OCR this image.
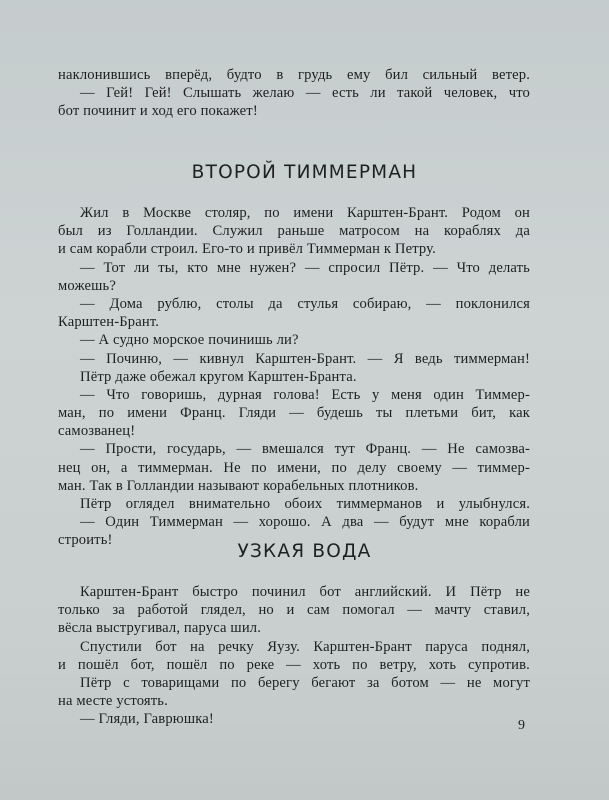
наклонившись вперёд, будто в грудь ему бил сильный ветер.
— Гей! Гей! Слышать желаю — есть ли такой человек, что
бот починит и ход его покажет!
ВТОРОЙ ТИММЕРМАН
Жил в Москве столяр, по имени Карштен-Брант. Родом он
был из Голландии. Служил раньше матросом на кораблях да
и сам корабли строил. Его-то и привёл Тиммерман к Петру.
— Тот ли ты, кто мне нужен? — спросил Пётр. — Что делать
можешь?
— Дома рублю, столы да стулья собираю, — поклонился
Карштен-Брант.
— А судно морское починишь ли?
— Починю, — кивнул Карштен-Брант. — Я ведь тиммерман!
Пётр даже обежал кругом Карштен-Бранта.
— Что говоришь, дурная голова! Есть у меня один Тиммер-
ман, по имени Франц. Гляди — будешь ты плетьми бит, как
самозванец!
— Прости, государь, — вмешался тут Франц. — Не самозва-
нец он, а тиммерман. Не по имени, по делу своему — тиммер-
ман. Так в Голландии называют корабельных плотников.
Пётр оглядел внимательно обоих тиммерманов и улыбнулся.
— Один Тиммерман — хорошо. А два — будут мне корабли
строить!
УЗКАЯ ВОДА
Карштен-Брант быстро починил бот английский. И Пётр не
только за работой глядел, но и сам помогал — мачту ставил,
вёсла выстругивал, паруса шил.
Спустили бот на речку Яузу. Карштен-Брант паруса поднял,
и пошёл бот, пошёл по реке — хоть по ветру, хоть супротив.
Пётр с товарищами по берегу бегают за ботом — не могут
на месте устоять.
— Гляди, Гаврюшка!	9
